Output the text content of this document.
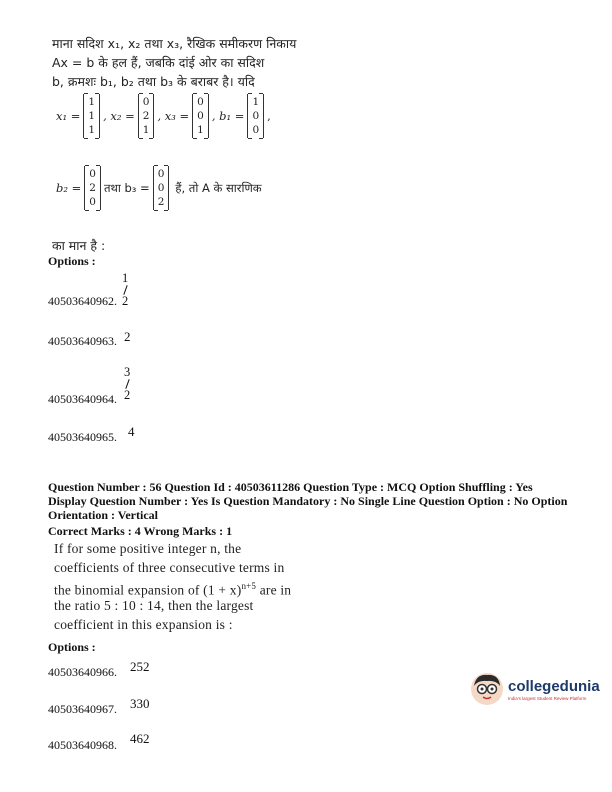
माना सदिश x₁, x₂ तथा x₃, रैखिक समीकरण निकाय
Ax = b के हल हैं, जबकि दांई ओर का सदिश
b, क्रमशः b₁, b₂ तथा b₃ के बराबर है। यदि
x₁ =
1
1
1
, x₂ =
0
2
1
, x₃ =
0
0
1
, b₁ =
1
0
0
,
b₂ =
0
2
0
तथा b₃ =
0
0
2
हैं, तो A के सारणिक
का मान है :
Options :
40503640962.
1
2
40503640963. 2
40503640964.
3
2
40503640965. 4
Question Number : 56 Question Id : 40503611286 Question Type : MCQ Option Shuffling : Yes
Display Question Number : Yes Is Question Mandatory : No Single Line Question Option : No Option
Orientation : Vertical
Correct Marks : 4 Wrong Marks : 1
If for some positive integer n, the
coefficients of three consecutive terms in
the binomial expansion of $(1 + x)^{n+5}$ are in
the ratio 5 : 10 : 14, then the largest
coefficient in this expansion is :
Options :
40503640966. 252
40503640967. 330
40503640968. 462
collegedunia
India's largest Student Review Platform
